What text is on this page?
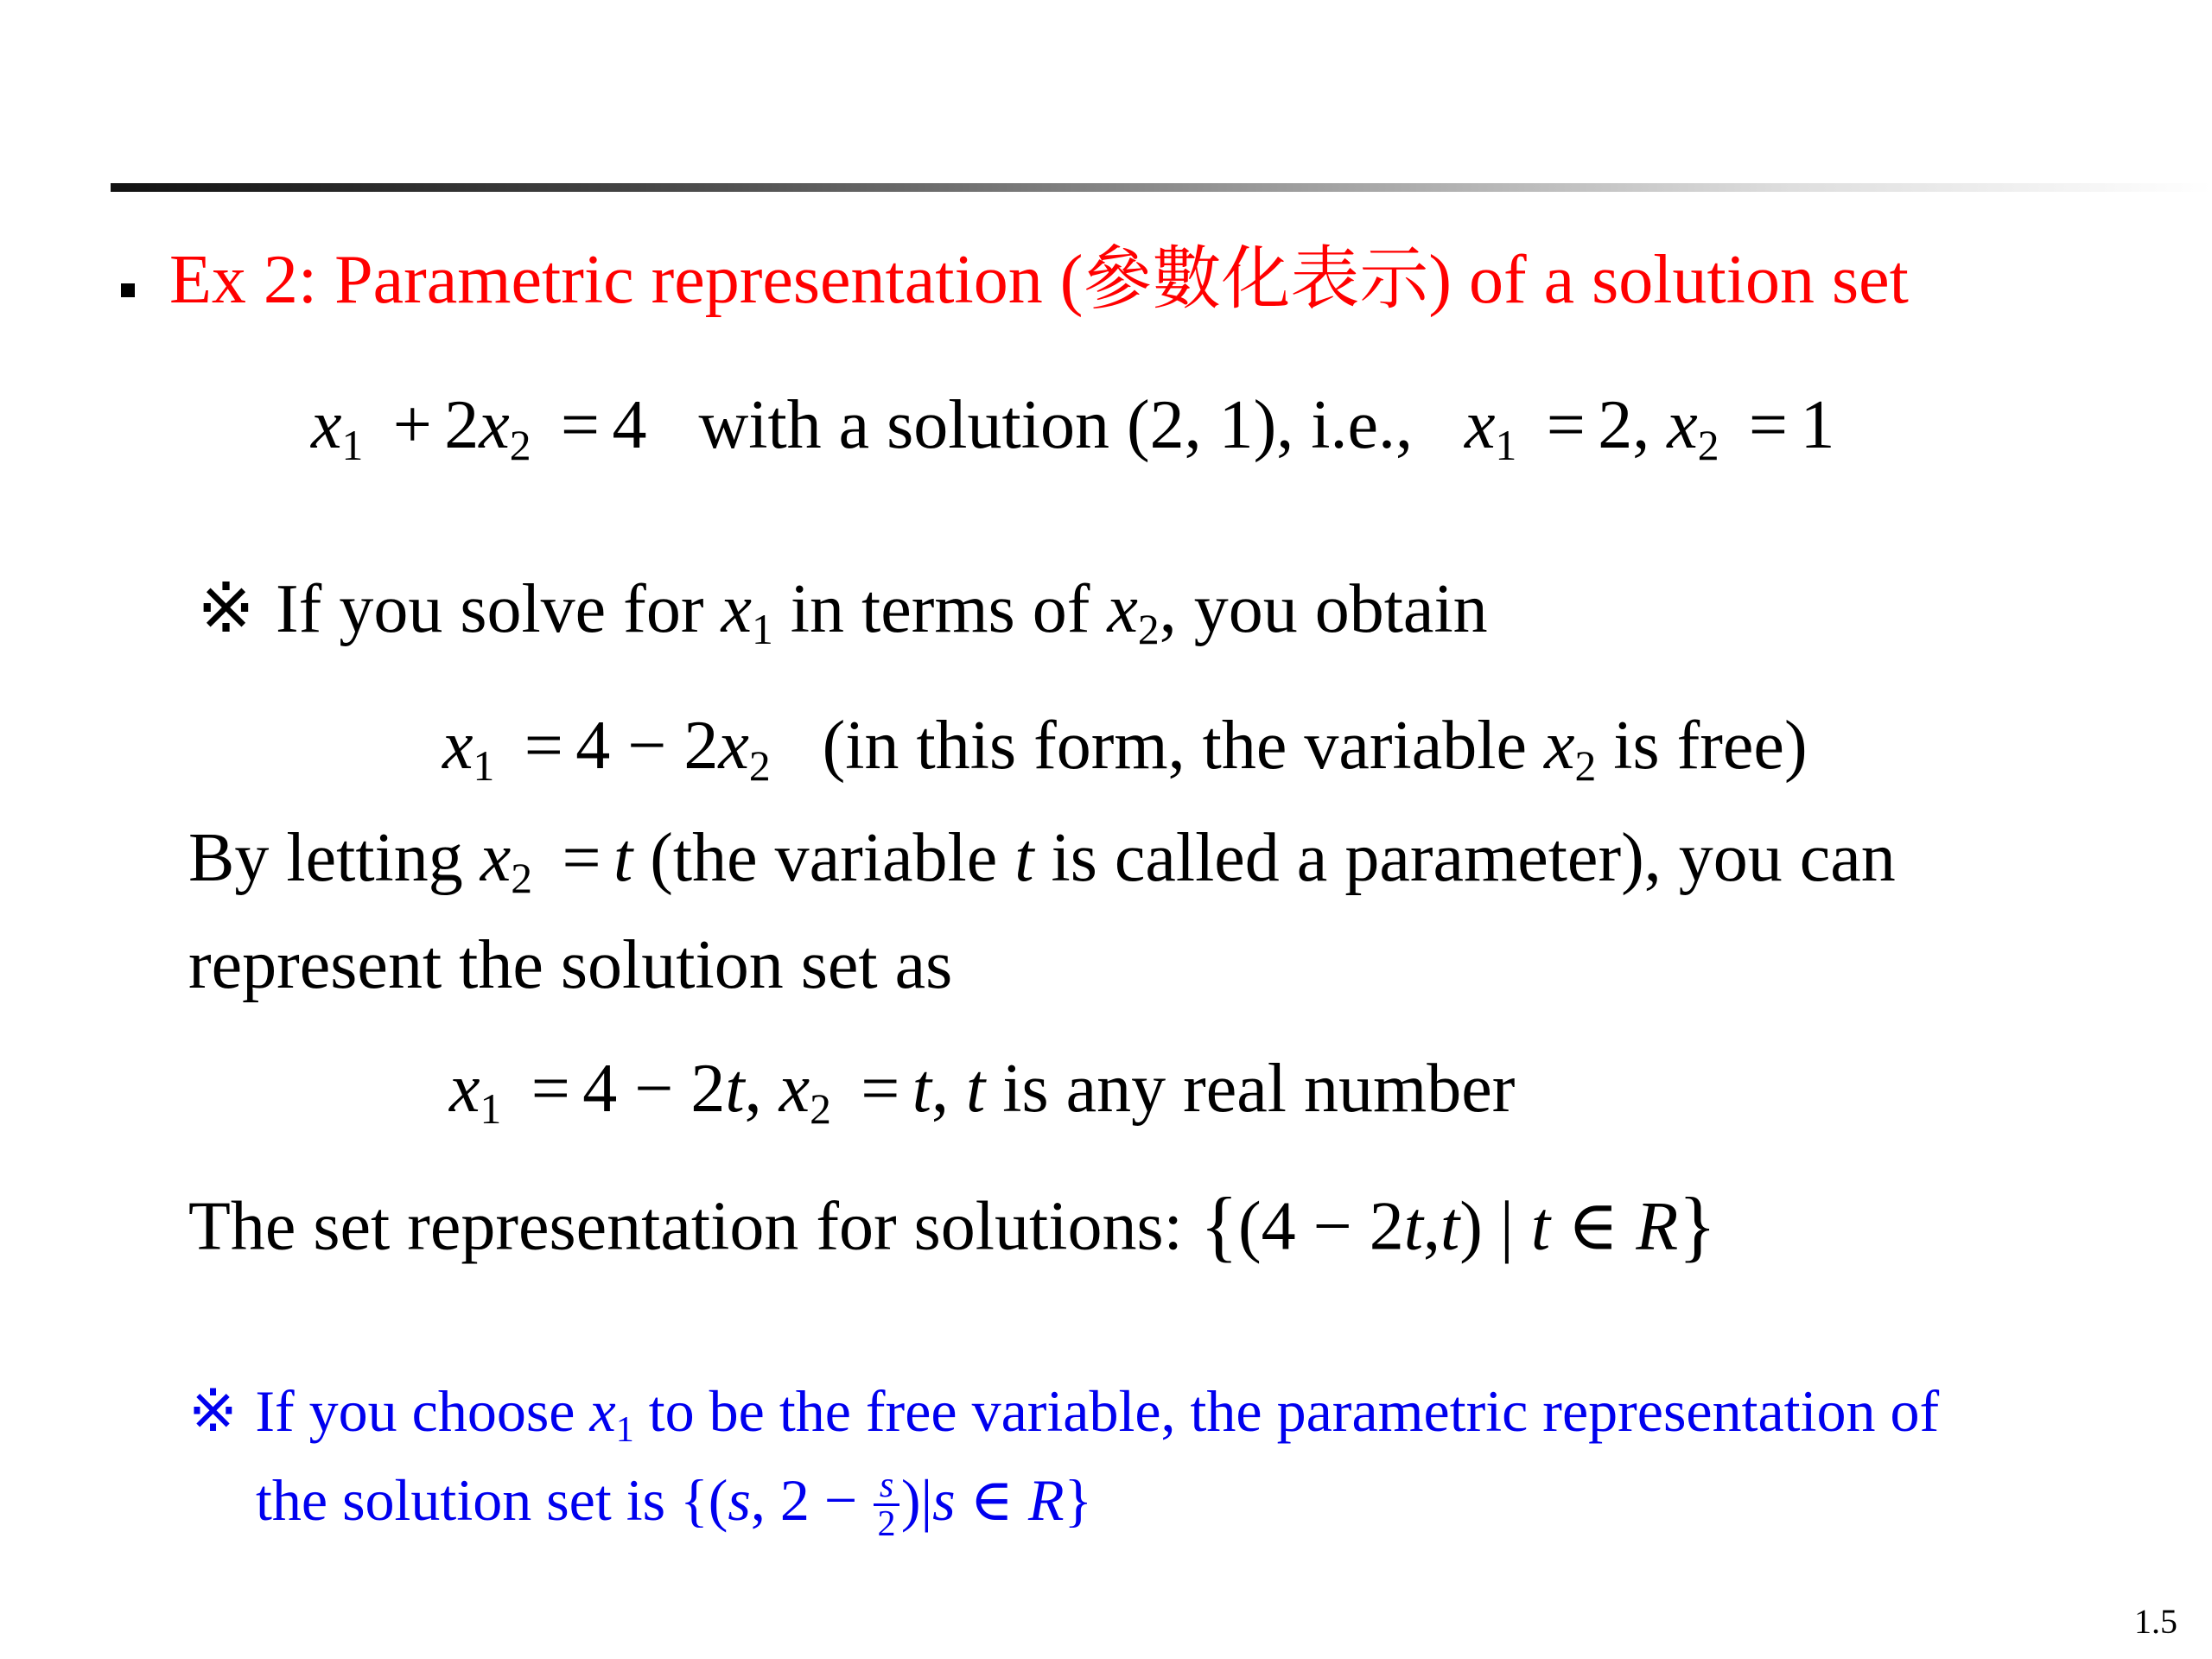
Ex 2: Parametric representation (參數化表示) of a solution set
$x_1 + 2x_2 = 4$ with a solution (2, 1), i.e., $x_1 = 2$, $x_2 = 1$
※ If you solve for $x_1$ in terms of $x_2$, you obtain
$x_1 = 4 - 2x_2$ (in this form, the variable $x_2$ is free)
By letting $x_2 = t$ (the variable t is called a parameter), you can
represent the solution set as
$x_1 = 4 - 2t$, $x_2 = t$, t is any real number
The set representation for solutions: {(4 − 2t,t) | t ∈ R}
※ If you choose $x_1$ to be the free variable, the parametric representation of
the solution set is {(s, $2 - \frac{s}{2} )|s$ ∈ R}
1.5
